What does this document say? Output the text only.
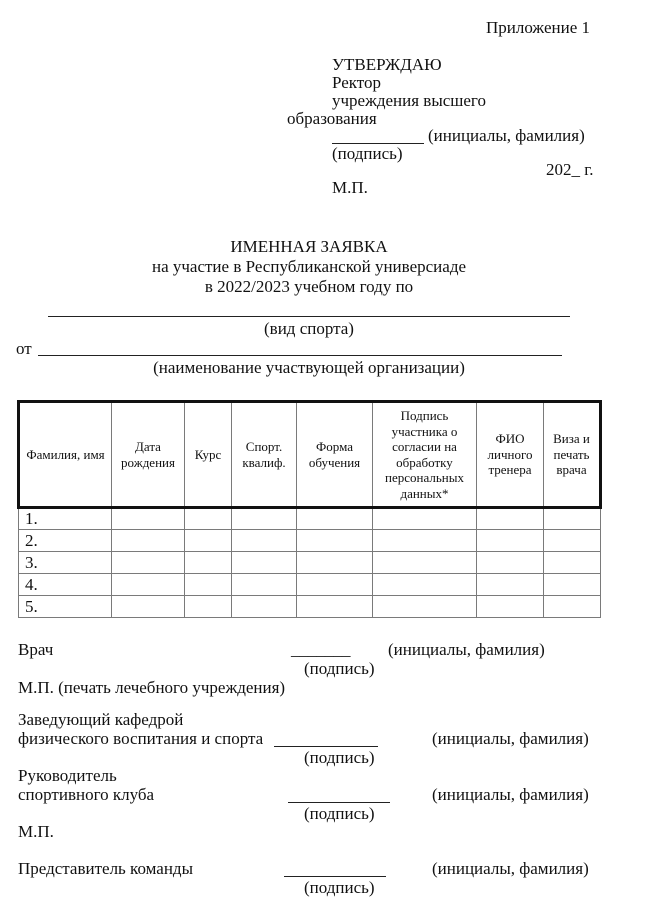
Приложение 1
УТВЕРЖДАЮ
Ректор
учреждения высшего
образования
(инициалы, фамилия)
(подпись)
202_ г.
М.П.
ИМЕННАЯ ЗАЯВКА
на участие в Республиканской универсиаде
в 2022/2023 учебном году по
(вид спорта)
от
(наименование участвующей организации)
Фамилия, имя	Дата рождения	Курс	Спорт. квалиф.	Форма обучения	Подпись участника о согласии на обработку персональных данных*	ФИО личного тренера	Виза и печать врача
1.							
2.							
3.							
4.							
5.							
Врач	_______ (инициалы, фамилия)
(подпись)
М.П. (печать лечебного учреждения)
Заведующий кафедрой
физического воспитания и спорта	(инициалы, фамилия)
(подпись)
Руководитель
спортивного клуба	(инициалы, фамилия)
(подпись)
М.П.
Представитель команды	(инициалы, фамилия)
(подпись)
